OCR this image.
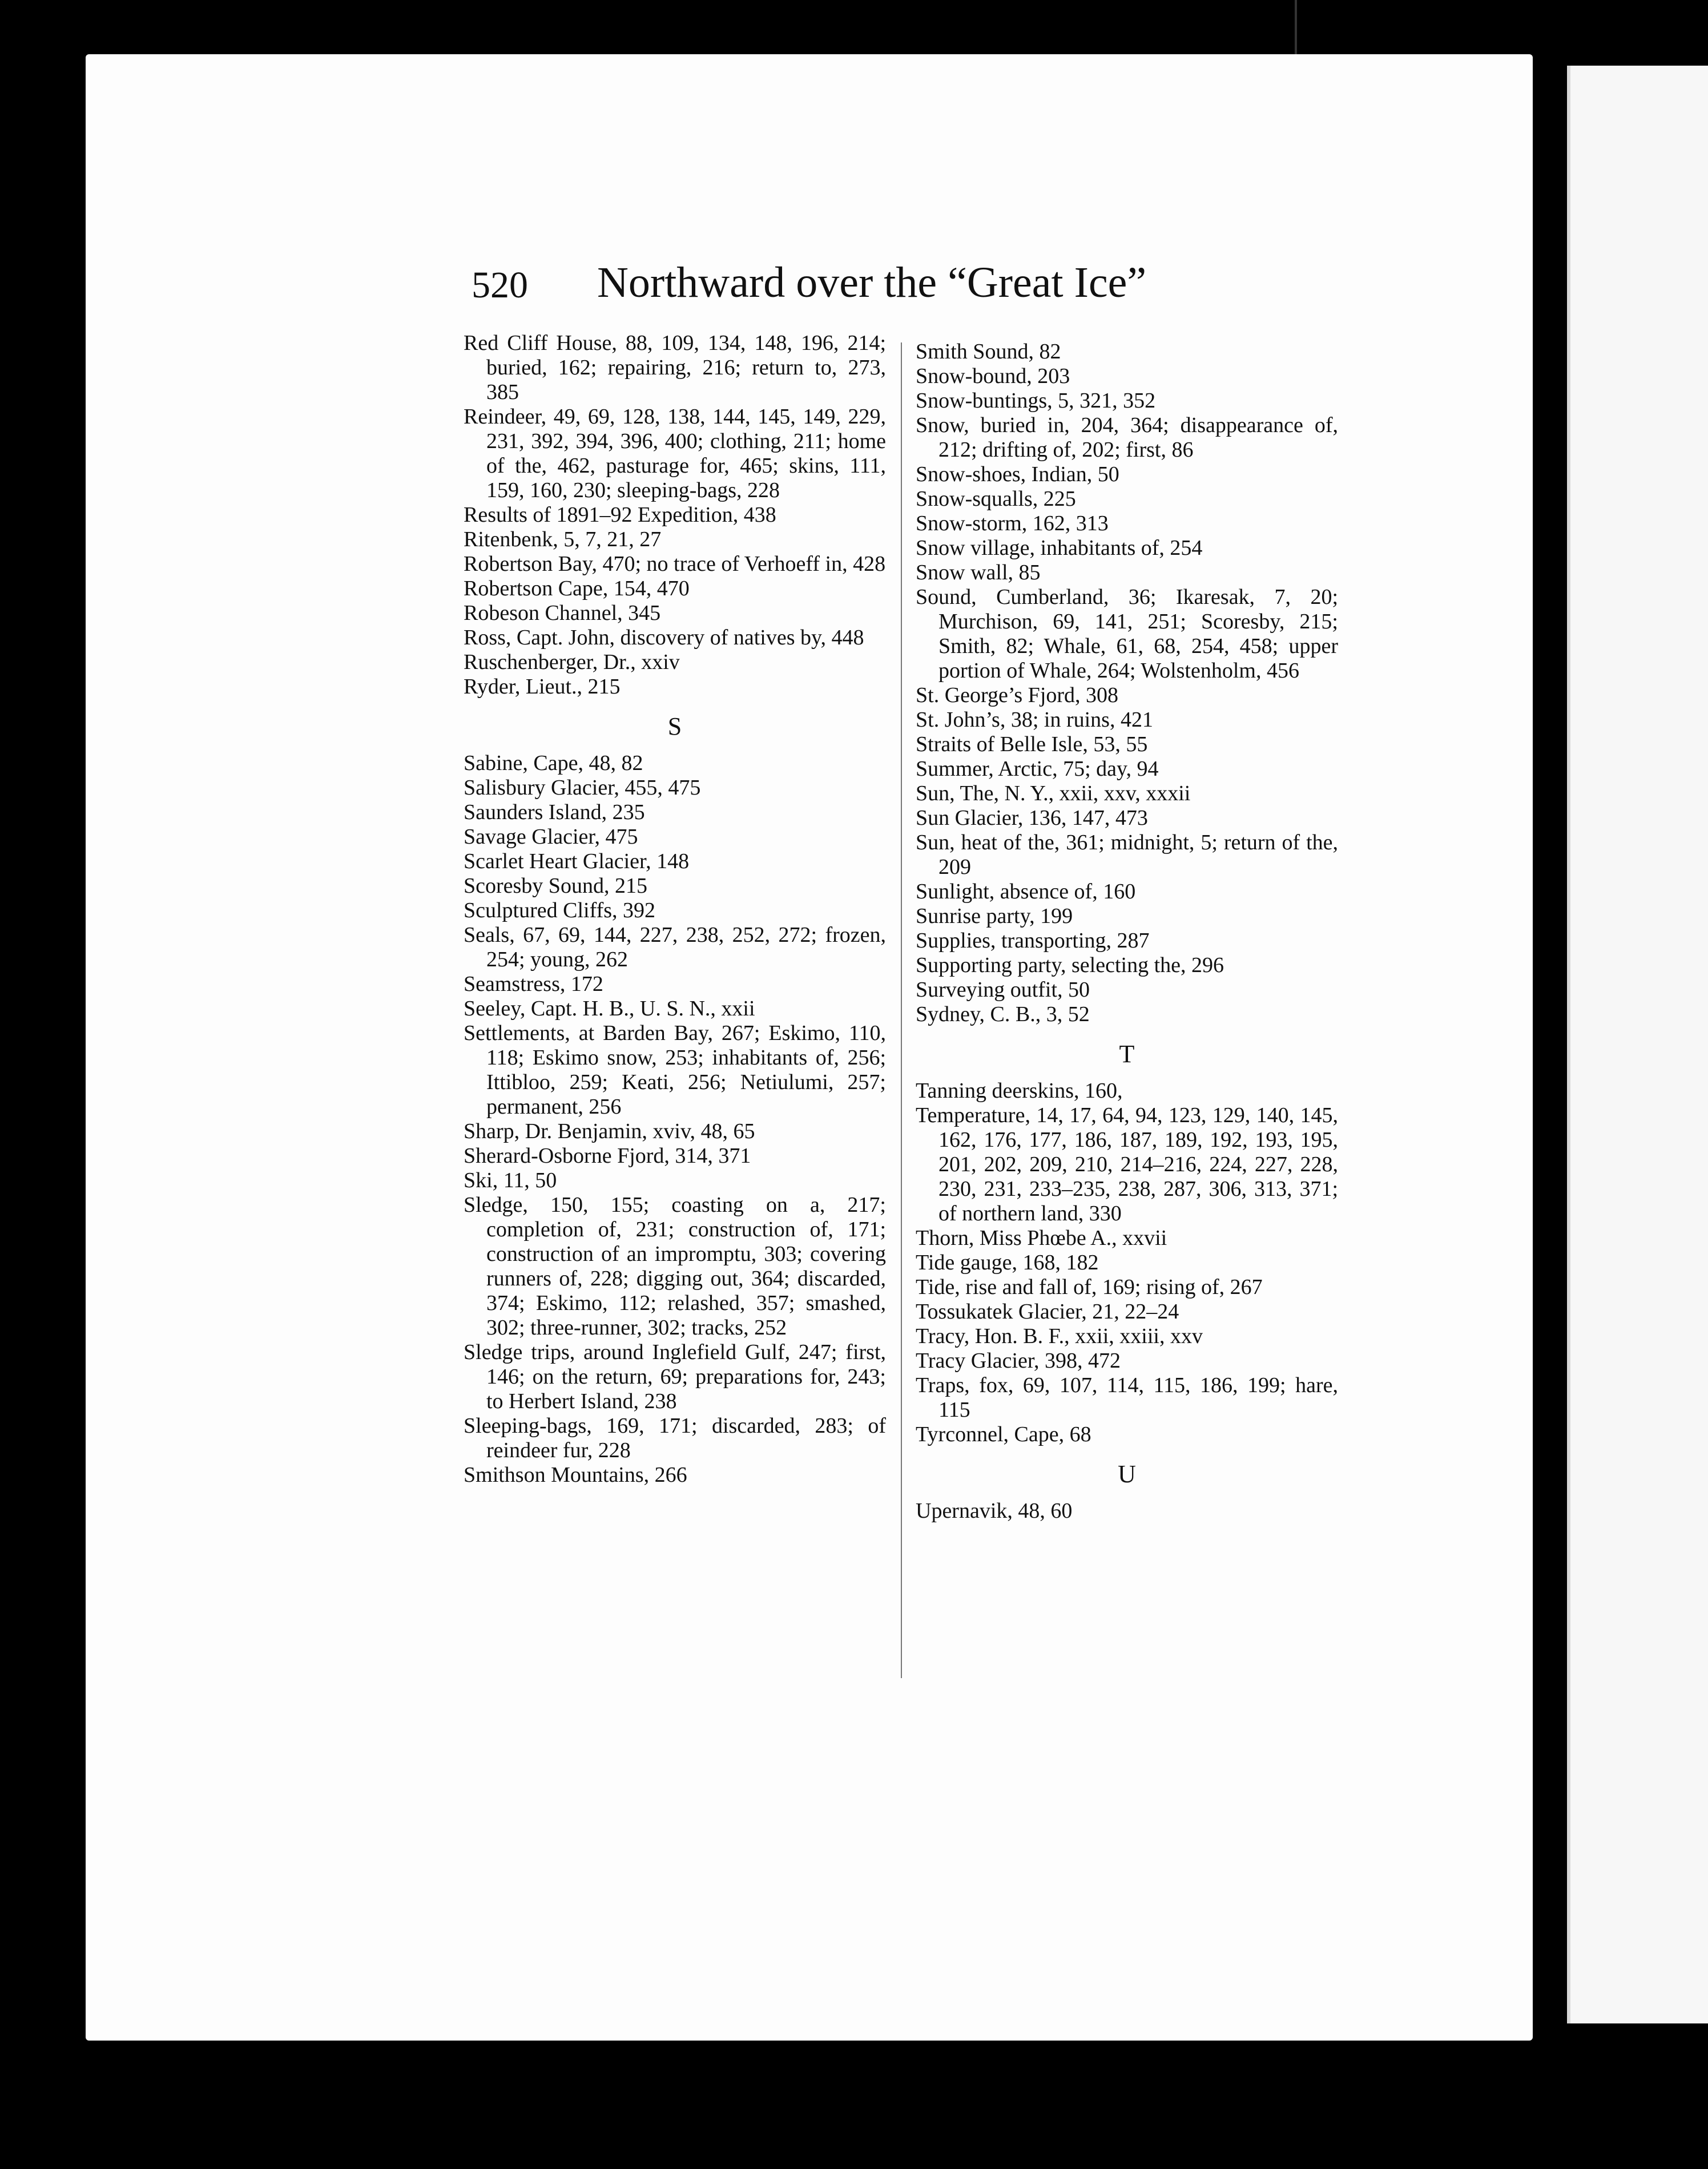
520 Northward over the “Great Ice”
Red Cliff House, 88, 109, 134, 148, 196, 214; buried, 162; repairing, 216; return to, 273, 385
Reindeer, 49, 69, 128, 138, 144, 145, 149, 229, 231, 392, 394, 396, 400; clothing, 211; home of the, 462, pasturage for, 465; skins, 111, 159, 160, 230; sleeping-bags, 228
Results of 1891–92 Expedition, 438
Ritenbenk, 5, 7, 21, 27
Robertson Bay, 470; no trace of Verhoeff in, 428
Robertson Cape, 154, 470
Robeson Channel, 345
Ross, Capt. John, discovery of natives by, 448
Ruschenberger, Dr., xxiv
Ryder, Lieut., 215
S
Sabine, Cape, 48, 82
Salisbury Glacier, 455, 475
Saunders Island, 235
Savage Glacier, 475
Scarlet Heart Glacier, 148
Scoresby Sound, 215
Sculptured Cliffs, 392
Seals, 67, 69, 144, 227, 238, 252, 272; frozen, 254; young, 262
Seamstress, 172
Seeley, Capt. H. B., U. S. N., xxii
Settlements, at Barden Bay, 267; Eskimo, 110, 118; Eskimo snow, 253; inhabitants of, 256; Ittibloo, 259; Keati, 256; Netiulumi, 257; permanent, 256
Sharp, Dr. Benjamin, xviv, 48, 65
Sherard-Osborne Fjord, 314, 371
Ski, 11, 50
Sledge, 150, 155; coasting on a, 217; completion of, 231; construction of, 171; construction of an impromptu, 303; covering runners of, 228; digging out, 364; discarded, 374; Eskimo, 112; relashed, 357; smashed, 302; three-runner, 302; tracks, 252
Sledge trips, around Inglefield Gulf, 247; first, 146; on the return, 69; preparations for, 243; to Herbert Island, 238
Sleeping-bags, 169, 171; discarded, 283; of reindeer fur, 228
Smithson Mountains, 266
Smith Sound, 82
Snow-bound, 203
Snow-buntings, 5, 321, 352
Snow, buried in, 204, 364; disappearance of, 212; drifting of, 202; first, 86
Snow-shoes, Indian, 50
Snow-squalls, 225
Snow-storm, 162, 313
Snow village, inhabitants of, 254
Snow wall, 85
Sound, Cumberland, 36; Ikaresak, 7, 20; Murchison, 69, 141, 251; Scoresby, 215; Smith, 82; Whale, 61, 68, 254, 458; upper portion of Whale, 264; Wolstenholm, 456
St. George’s Fjord, 308
St. John’s, 38; in ruins, 421
Straits of Belle Isle, 53, 55
Summer, Arctic, 75; day, 94
Sun, The, N. Y., xxii, xxv, xxxii
Sun Glacier, 136, 147, 473
Sun, heat of the, 361; midnight, 5; return of the, 209
Sunlight, absence of, 160
Sunrise party, 199
Supplies, transporting, 287
Supporting party, selecting the, 296
Surveying outfit, 50
Sydney, C. B., 3, 52
T
Tanning deerskins, 160,
Temperature, 14, 17, 64, 94, 123, 129, 140, 145, 162, 176, 177, 186, 187, 189, 192, 193, 195, 201, 202, 209, 210, 214–216, 224, 227, 228, 230, 231, 233–235, 238, 287, 306, 313, 371; of northern land, 330
Thorn, Miss Phœbe A., xxvii
Tide gauge, 168, 182
Tide, rise and fall of, 169; rising of, 267
Tossukatek Glacier, 21, 22–24
Tracy, Hon. B. F., xxii, xxiii, xxv
Tracy Glacier, 398, 472
Traps, fox, 69, 107, 114, 115, 186, 199; hare, 115
Tyrconnel, Cape, 68
U
Upernavik, 48, 60
